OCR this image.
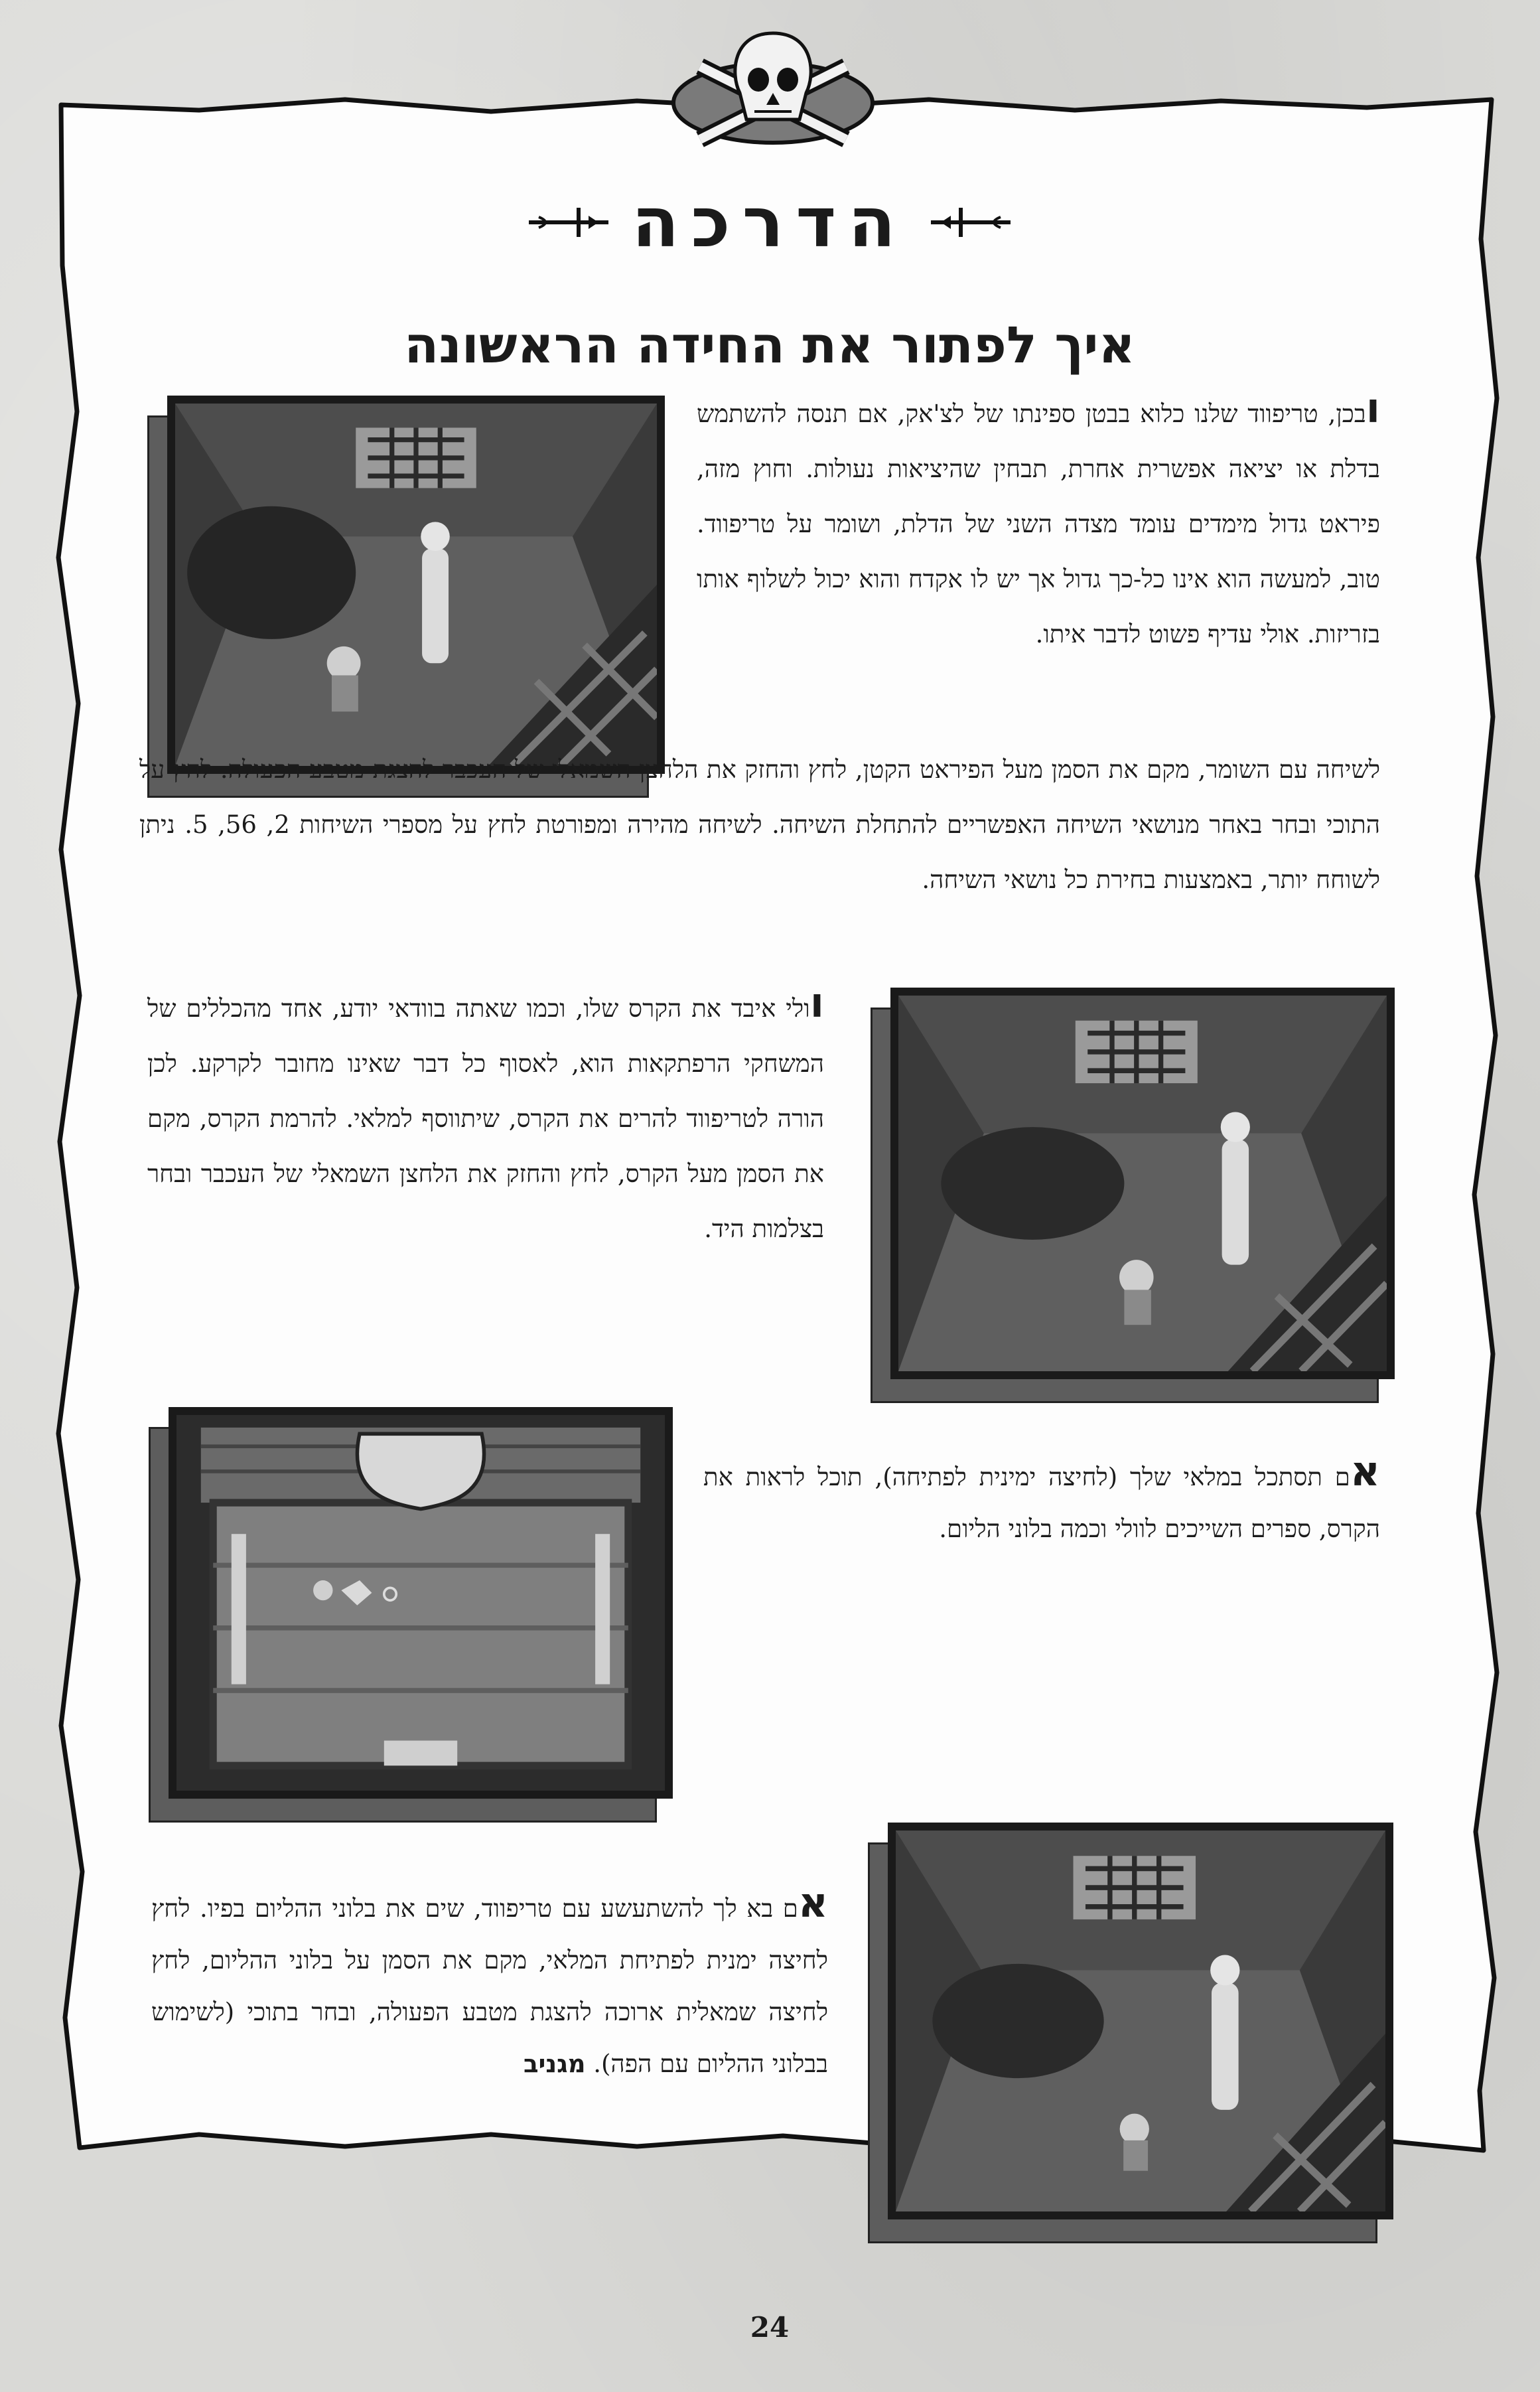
הדרכה
איך לפתור את החידה הראשונה
ובכן, טריפווד שלנו כלוא בבטן ספינתו של לצ'אק, אם תנסה להשתמש בדלת או יציאה אפשרית אחרת, תבחין שהיציאות נעולות. וחוץ מזה, פיראט גדול מימדים עומד מצדה השני של הדלת, ושומר על טריפווד. טוב, למעשה הוא אינו כל-כך גדול אך יש לו אקדח והוא יכול לשלוף אותו בזריזות. אולי עדיף פשוט לדבר איתו.
לשיחה עם השומר, מקם את הסמן מעל הפיראט הקטן, לחץ והחזק את הלחצן השמאלי של העכבר להצגת מטבע הפעולה. לחץ על התוכי ובחר באחר מנושאי השיחה האפשריים להתחלת השיחה. לשיחה מהירה ומפורטת לחץ על מספרי השיחות 2, 56, 5. ניתן לשוחח יותר, באמצעות בחירת כל נושאי השיחה.
וולי איבד את הקרס שלו, וכמו שאתה בוודאי יודע, אחד מהכללים של המשחקי הרפתקאות הוא, לאסוף כל דבר שאינו מחובר לקרקע. לכן הורה לטריפווד להרים את הקרס, שיתווסף למלאי. להרמת הקרס, מקם את הסמן מעל הקרס, לחץ והחזק את הלחצן השמאלי של העכבר ובחר בצלמות היד.
אם תסתכל במלאי שלך (לחיצה ימינית לפתיחה), תוכל לראות את הקרס, ספרים השייכים לוולי וכמה בלוני הליום.
אם בא לך להשתעשע עם טריפווד, שים את בלוני ההליום בפיו. לחץ לחיצה ימנית לפתיחת המלאי, מקם את הסמן על בלוני ההליום, לחץ לחיצה שמאלית ארוכה להצגת מטבע הפעולה, ובחר בתוכי (לשימוש בבלוני ההליום עם הפה). מגניב
24
